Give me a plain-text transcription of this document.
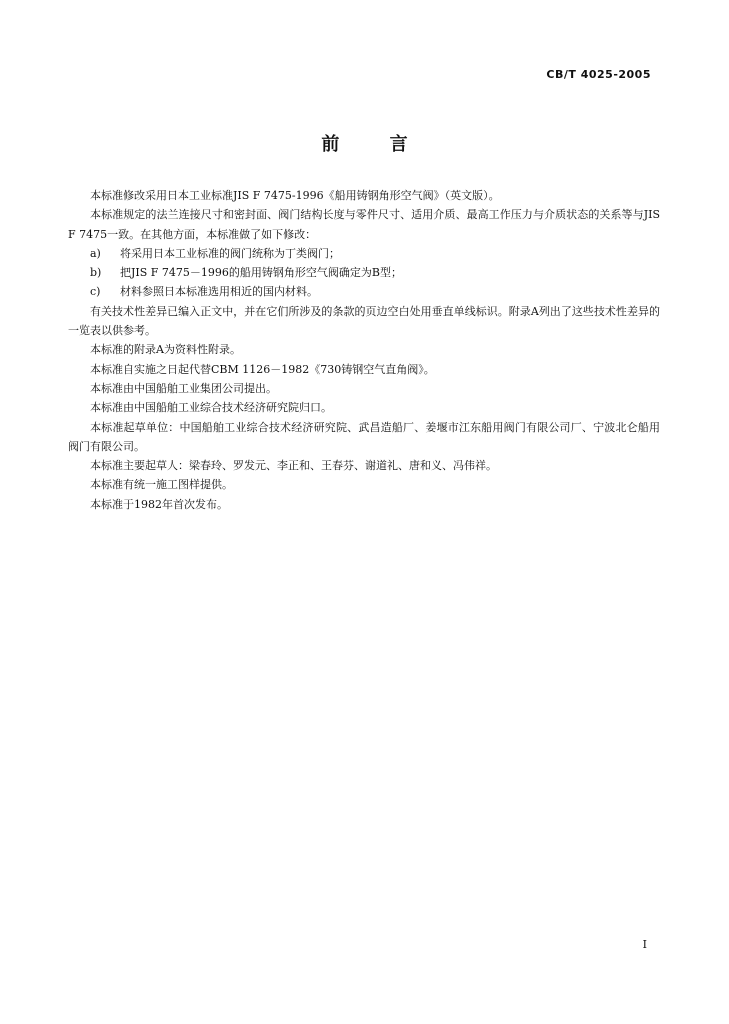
CB/T 4025-2005
前 言

本标准修改采用日本工业标准JIS F 7475-1996《船用铸钢角形空气阀》（英文版）。

本标准规定的法兰连接尺寸和密封面、阀门结构长度与零件尺寸、适用介质、最高工作压力与介质状态的关系等与JIS F 7475一致。在其他方面，本标准做了如下修改：

a)	将采用日本工业标准的阀门统称为丁类阀门；
b)	把JIS F 7475－1996的船用铸钢角形空气阀确定为B型；
c)	材料参照日本标准选用相近的国内材料。

有关技术性差异已编入正文中，并在它们所涉及的条款的页边空白处用垂直单线标识。附录A列出了这些技术性差异的一览表以供参考。

本标准的附录A为资料性附录。

本标准自实施之日起代替CBM 1126－1982《730铸钢空气直角阀》。

本标准由中国船舶工业集团公司提出。

本标准由中国船舶工业综合技术经济研究院归口。

本标准起草单位：中国船舶工业综合技术经济研究院、武昌造船厂、姜堰市江东船用阀门有限公司厂、宁波北仑船用阀门有限公司。

本标准主要起草人：梁春玲、罗发元、李正和、王春芬、谢道礼、唐和义、冯伟祥。

本标准有统一施工图样提供。

本标准于1982年首次发布。

I
